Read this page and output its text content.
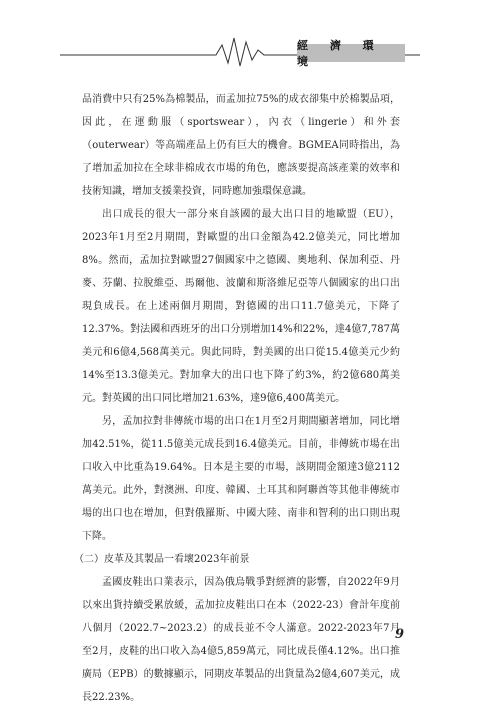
經 濟 環 境

品消費中只有25%為棉製品，而孟加拉75%的成衣卻集中於棉製品項，因此，在運動服（sportswear），內衣（lingerie）和外套（outerwear）等高端產品上仍有巨大的機會。BGMEA同時指出，為了增加孟加拉在全球非棉成衣市場的角色，應該要提高該產業的效率和技術知識，增加支援業投資，同時應加強環保意識。

出口成長的很大一部分來自該國的最大出口目的地歐盟（EU），2023年1月至2月期間，對歐盟的出口金額為42.2億美元，同比增加8%。然而，孟加拉對歐盟27個國家中之德國、奧地利、保加利亞、丹麥、芬蘭、拉脫維亞、馬爾他、波蘭和斯洛維尼亞等八個國家的出口出現負成長。在上述兩個月期間，對德國的出口11.7億美元，下降了12.37%。對法國和西班牙的出口分別增加14%和22%，達4億7,787萬美元和6億4,568萬美元。與此同時，對美國的出口從15.4億美元少約14%至13.3億美元。對加拿大的出口也下降了約3%，約2億680萬美元。對英國的出口同比增加21.63%，達9億6,400萬美元。

另，孟加拉對非傳統市場的出口在1月至2月期間顯著增加，同比增加42.51%，從11.5億美元成長到16.4億美元。目前，非傳統市場在出口收入中比重為19.64%。日本是主要的市場，該期間金額達3億2112萬美元。此外，對澳洲、印度、韓國、土耳其和阿聯酋等其他非傳統市場的出口也在增加，但對俄羅斯、中國大陸、南非和智利的出口則出現下降。

（二）皮革及其製品一看壞2023年前景

孟國皮鞋出口業表示，因為俄烏戰爭對經濟的影響，自2022年9月以來出貨持續受累放緩，孟加拉皮鞋出口在本（2022-23）會計年度前八個月（2022.7~2023.2）的成長並不令人滿意。2022-2023年7月至2月，皮鞋的出口收入為4億5,859萬元，同比成長僅4.12%。出口推廣局（EPB）的數據顯示，同期皮革製品的出貨量為2億4,607美元，成長22.23%。

9
